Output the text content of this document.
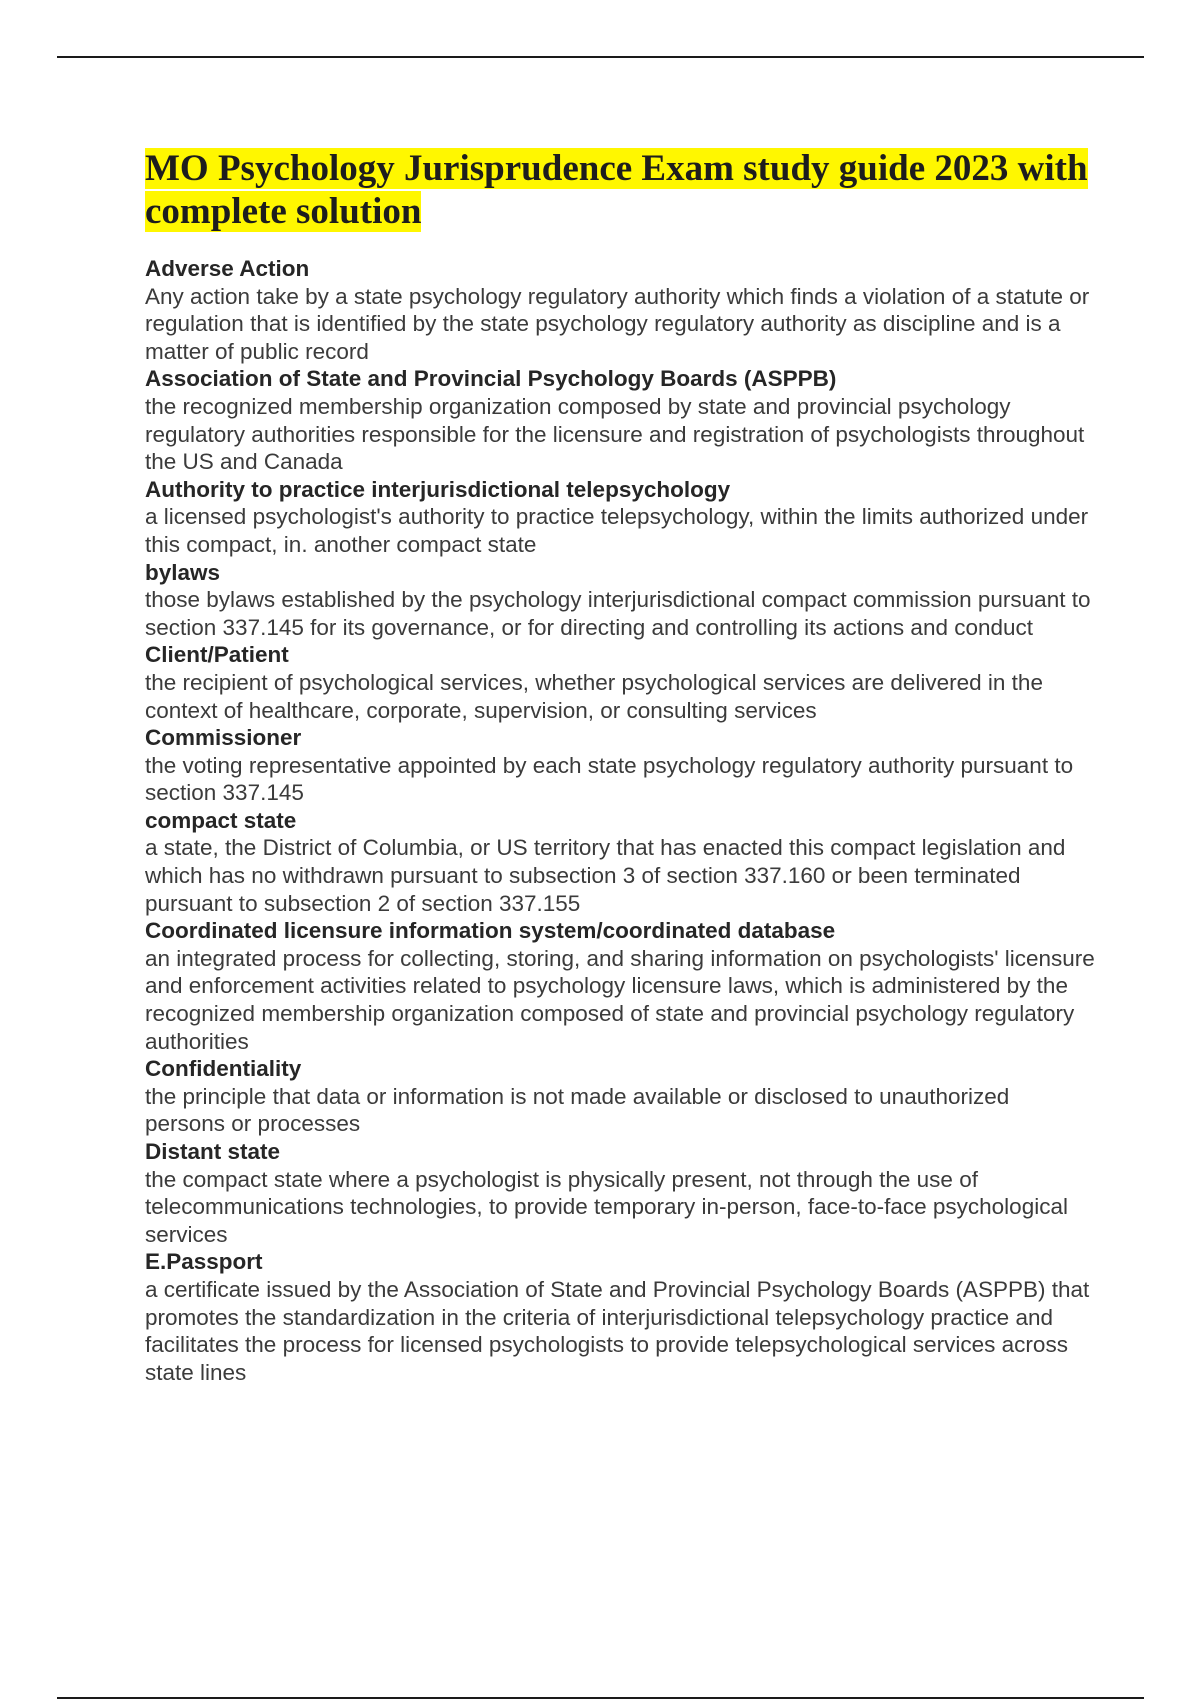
MO Psychology Jurisprudence Exam study guide 2023 with complete solution

Adverse Action

Any action take by a state psychology regulatory authority which finds a violation of a statute or regulation that is identified by the state psychology regulatory authority as discipline and is a matter of public record

Association of State and Provincial Psychology Boards (ASPPB)

the recognized membership organization composed by state and provincial psychology regulatory authorities responsible for the licensure and registration of psychologists throughout the US and Canada

Authority to practice interjurisdictional telepsychology

a licensed psychologist's authority to practice telepsychology, within the limits authorized under this compact, in. another compact state

bylaws

those bylaws established by the psychology interjurisdictional compact commission pursuant to section 337.145 for its governance, or for directing and controlling its actions and conduct

Client/Patient

the recipient of psychological services, whether psychological services are delivered in the context of healthcare, corporate, supervision, or consulting services

Commissioner

the voting representative appointed by each state psychology regulatory authority pursuant to section 337.145

compact state

a state, the District of Columbia, or US territory that has enacted this compact legislation and which has no withdrawn pursuant to subsection 3 of section 337.160 or been terminated pursuant to subsection 2 of section 337.155

Coordinated licensure information system/coordinated database

an integrated process for collecting, storing, and sharing information on psychologists' licensure and enforcement activities related to psychology licensure laws, which is administered by the recognized membership organization composed of state and provincial psychology regulatory authorities

Confidentiality

the principle that data or information is not made available or disclosed to unauthorized persons or processes

Distant state

the compact state where a psychologist is physically present, not through the use of telecommunications technologies, to provide temporary in-person, face-to-face psychological services

E.Passport

a certificate issued by the Association of State and Provincial Psychology Boards (ASPPB) that promotes the standardization in the criteria of interjurisdictional telepsychology practice and facilitates the process for licensed psychologists to provide telepsychological services across state lines
